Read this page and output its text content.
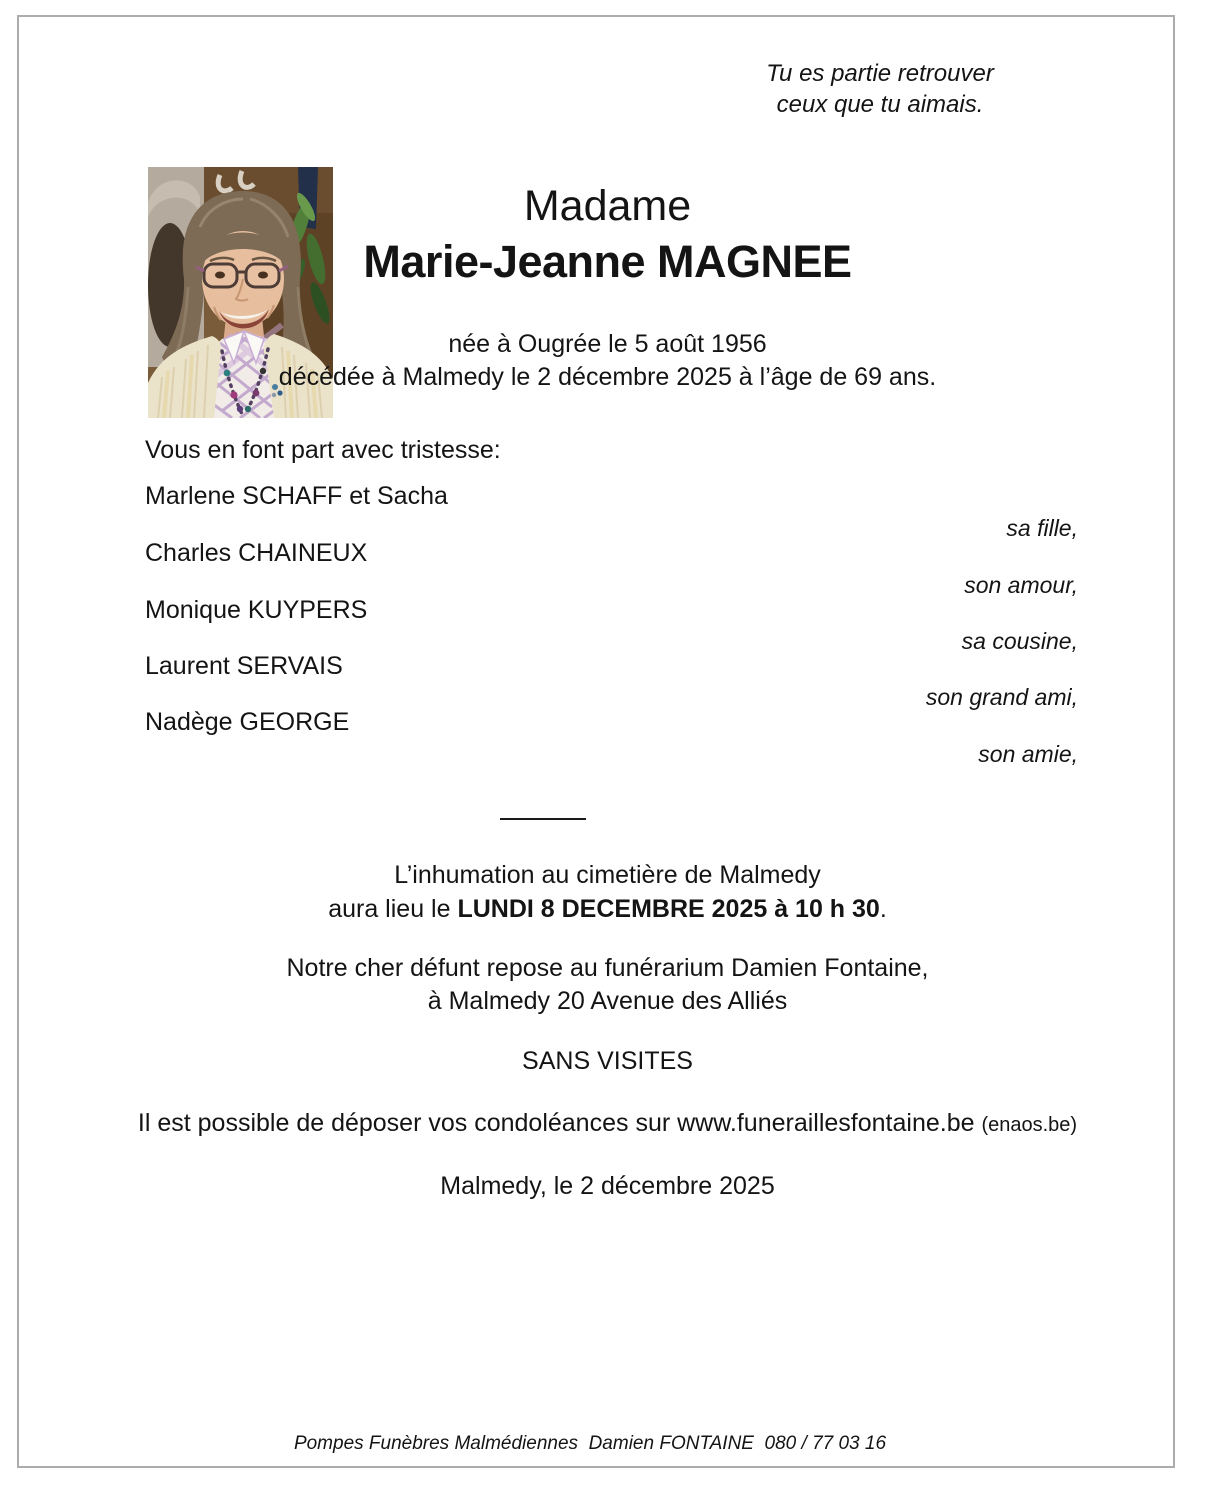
Tu es partie retrouver
ceux que tu aimais.
Madame
Marie-Jeanne MAGNEE
née à Ougrée le 5 août 1956
décédée à Malmedy le 2 décembre 2025 à l’âge de 69 ans.
Vous en font part avec tristesse:
Marlene SCHAFF et Sacha
sa fille,
Charles CHAINEUX
son amour,
Monique KUYPERS
sa cousine,
Laurent SERVAIS
son grand ami,
Nadège GEORGE
son amie,
L’inhumation au cimetière de Malmedy
aura lieu le LUNDI 8 DECEMBRE 2025 à 10 h 30.
Notre cher défunt repose au funérarium Damien Fontaine,
à Malmedy 20 Avenue des Alliés
SANS VISITES
Il est possible de déposer vos condoléances sur www.funeraillesfontaine.be (enaos.be)
Malmedy, le 2 décembre 2025
Pompes Funèbres Malmédiennes  Damien FONTAINE  080 / 77 03 16
